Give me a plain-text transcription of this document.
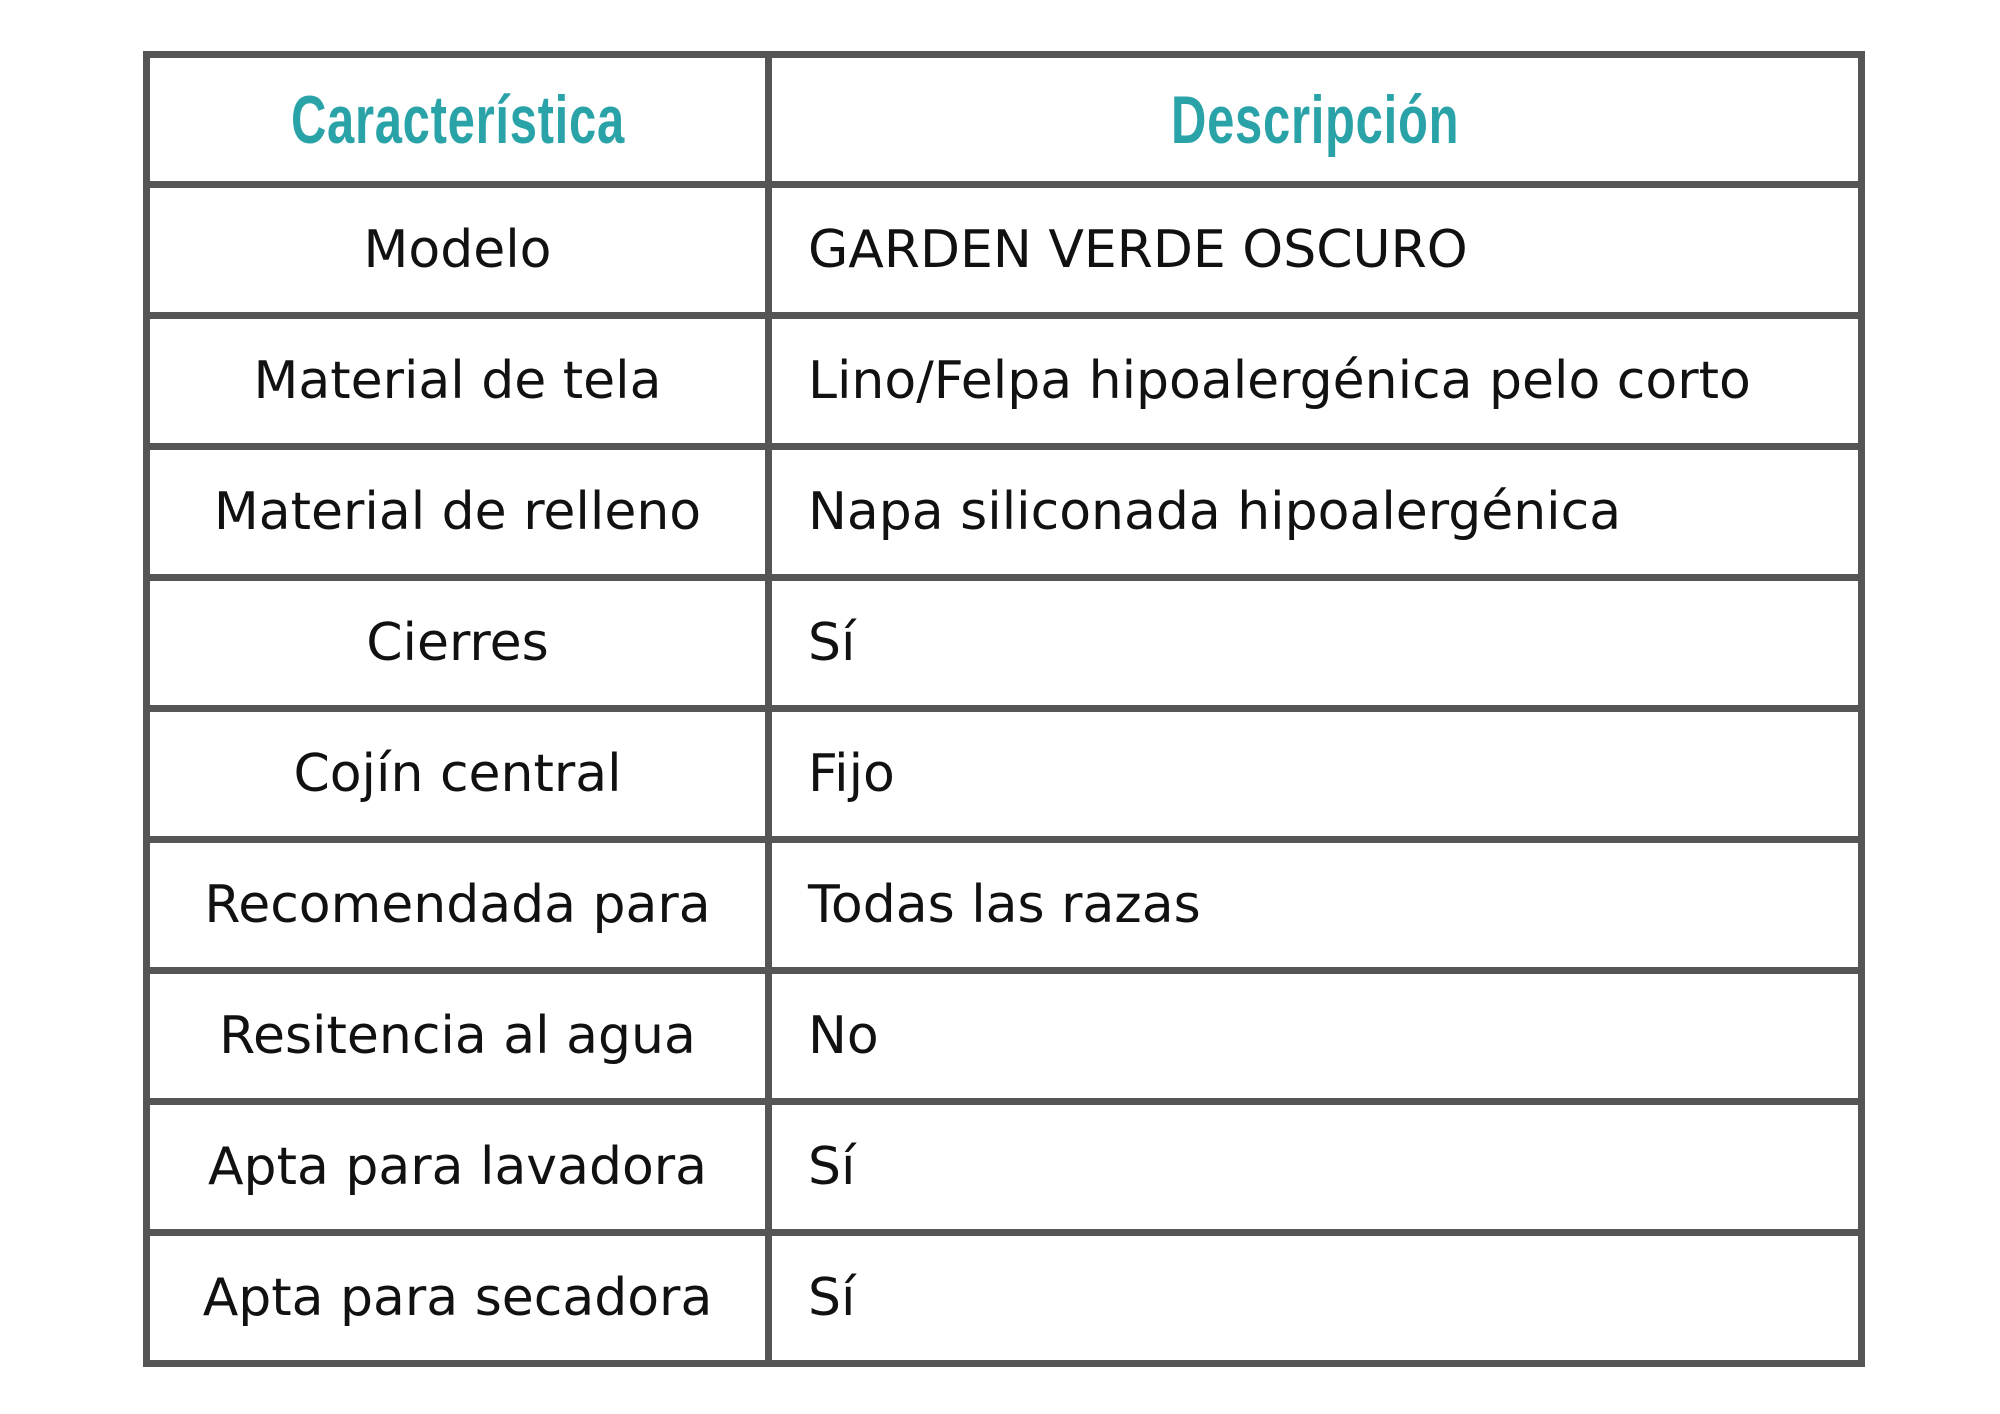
Característica	Descripción
Modelo	GARDEN VERDE OSCURO
Material de tela	Lino/Felpa hipoalergénica pelo corto
Material de relleno	Napa siliconada hipoalergénica
Cierres	Sí
Cojín central	Fijo
Recomendada para	Todas las razas
Resitencia al agua	No
Apta para lavadora	Sí
Apta para secadora	Sí
